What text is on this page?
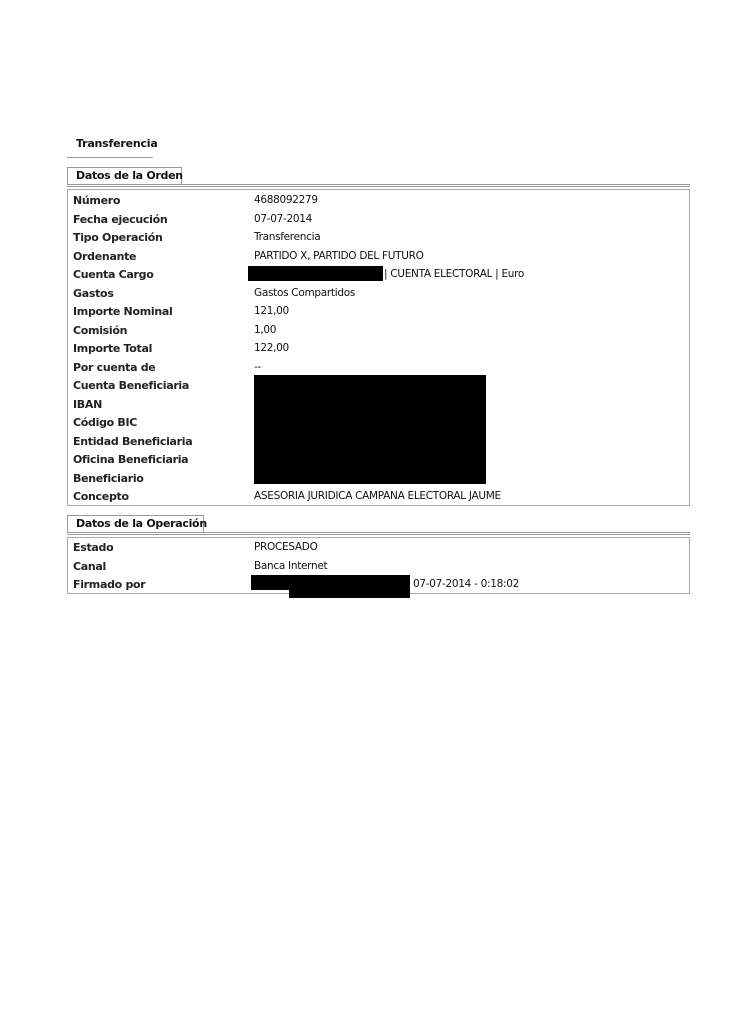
Transferencia
Datos de la Orden
Número	4688092279
Fecha ejecución	07-07-2014
Tipo Operación	Transferencia
Ordenante	PARTIDO X, PARTIDO DEL FUTURO
Cuenta Cargo	| CUENTA ELECTORAL | Euro
Gastos	Gastos Compartidos
Importe Nominal	121,00
Comisión	1,00
Importe Total	122,00
Por cuenta de	--
Cuenta Beneficiaria
IBAN
Código BIC
Entidad Beneficiaria
Oficina Beneficiaria
Beneficiario
Concepto	ASESORIA JURIDICA CAMPANA ELECTORAL JAUME
Datos de la Operación
Estado	PROCESADO
Canal	Banca Internet
Firmado por	07-07-2014 - 0:18:02
